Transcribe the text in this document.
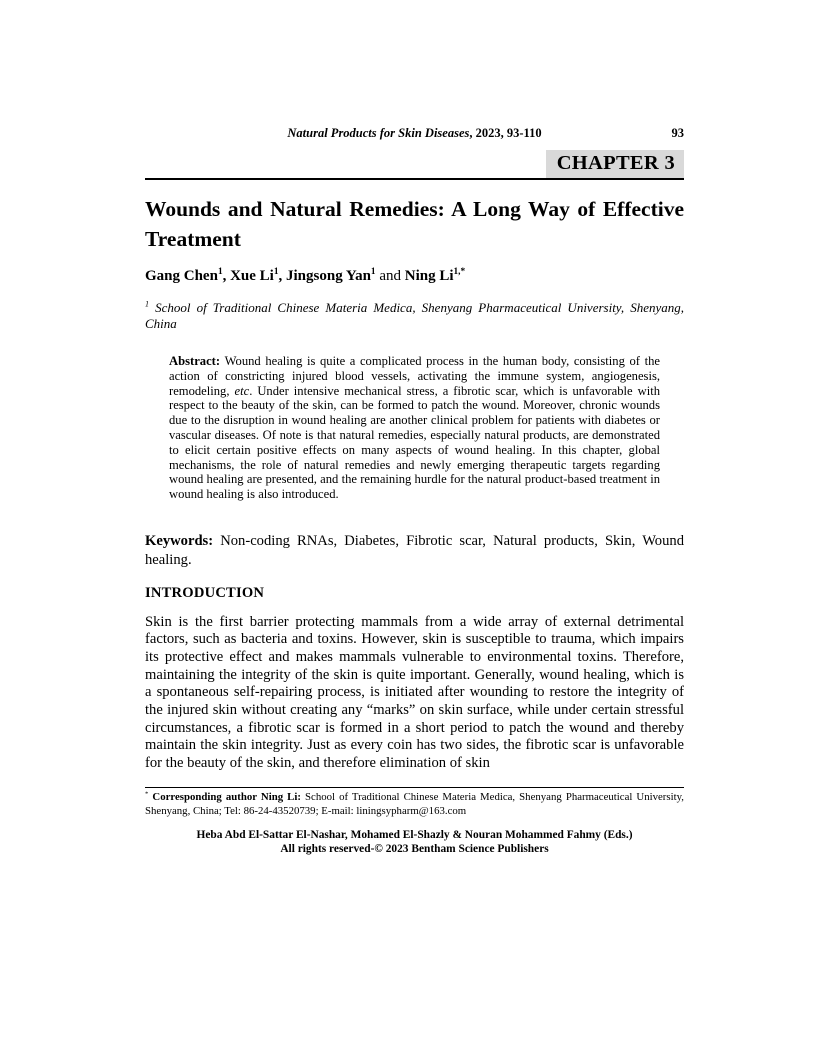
Natural Products for Skin Diseases, 2023, 93-110	93
CHAPTER 3
Wounds and Natural Remedies: A Long Way of Effective Treatment

Gang Chen$^1$, Xue Li$^1$, Jingsong Yan$^1$ and Ning $Li^{1,*}$

$^1$ School of Traditional Chinese Materia Medica, Shenyang Pharmaceutical University, Shenyang, China

Abstract: Wound healing is quite a complicated process in the human body, consisting of the action of constricting injured blood vessels, activating the immune system, angiogenesis, remodeling, etc. Under intensive mechanical stress, a fibrotic scar, which is unfavorable with respect to the beauty of the skin, can be formed to patch the wound. Moreover, chronic wounds due to the disruption in wound healing are another clinical problem for patients with diabetes or vascular diseases. Of note is that natural remedies, especially natural products, are demonstrated to elicit certain positive effects on many aspects of wound healing. In this chapter, global mechanisms, the role of natural remedies and newly emerging therapeutic targets regarding wound healing are presented, and the remaining hurdle for the natural product-based treatment in wound healing is also introduced.

Keywords: Non-coding RNAs, Diabetes, Fibrotic scar, Natural products, Skin, Wound healing.

INTRODUCTION

Skin is the first barrier protecting mammals from a wide array of external detrimental factors, such as bacteria and toxins. However, skin is susceptible to trauma, which impairs its protective effect and makes mammals vulnerable to environmental toxins. Therefore, maintaining the integrity of the skin is quite important. Generally, wound healing, which is a spontaneous self-repairing process, is initiated after wounding to restore the integrity of the injured skin without creating any “marks” on skin surface, while under certain stressful circumstances, a fibrotic scar is formed in a short period to patch the wound and thereby maintain the skin integrity. Just as every coin has two sides, the fibrotic scar is unfavorable for the beauty of the skin, and therefore elimination of skin

* Corresponding author Ning Li: School of Traditional Chinese Materia Medica, Shenyang Pharmaceutical University, Shenyang, China; Tel: 86-24-43520739; E-mail: liningsypharm@163.com

Heba Abd El-Sattar El-Nashar, Mohamed El-Shazly & Nouran Mohammed Fahmy (Eds.)
All rights reserved-© 2023 Bentham Science Publishers
